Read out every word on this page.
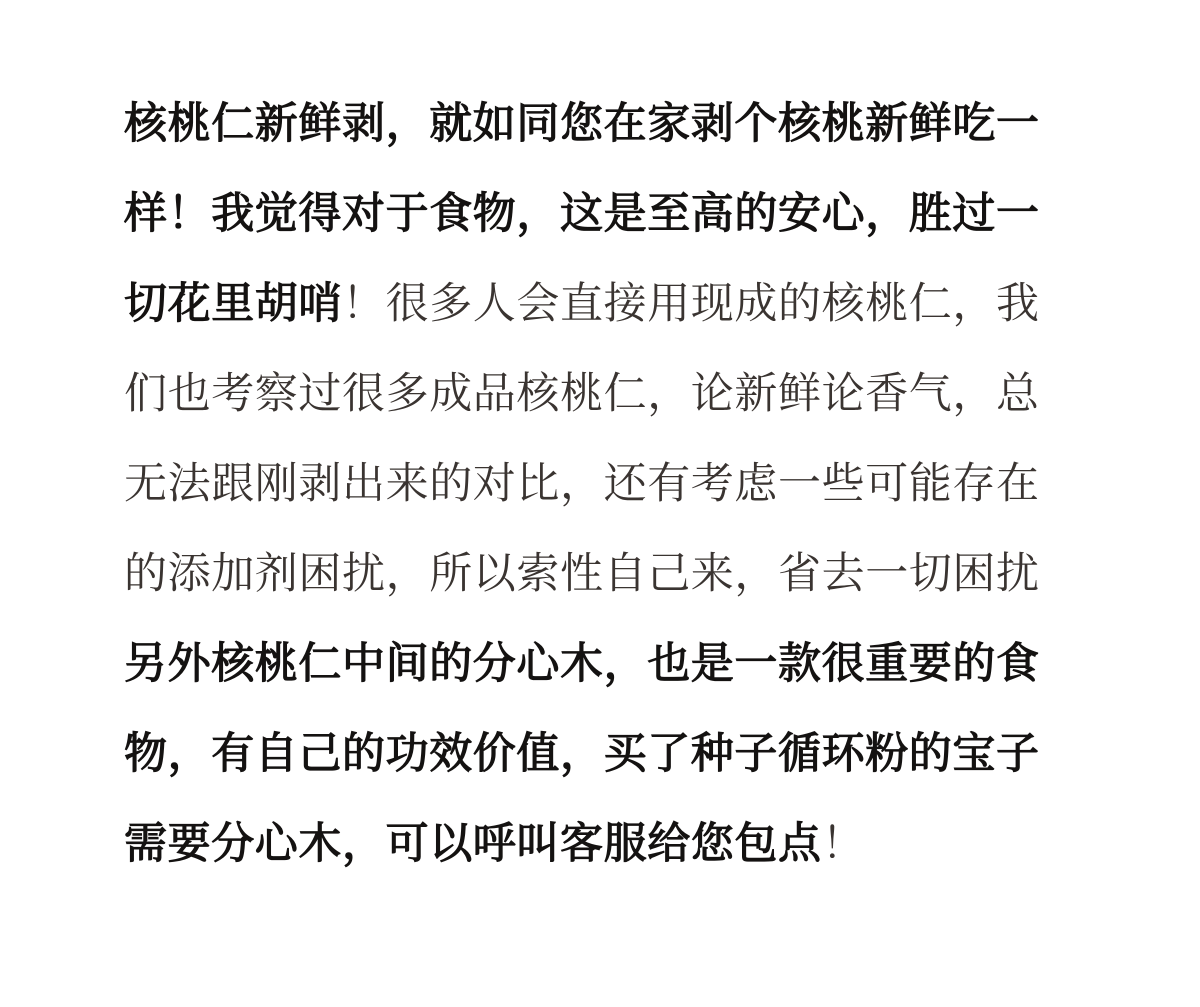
核桃仁新鲜剥，就如同您在家剥个核桃新鲜吃一
样！我觉得对于食物，这是至高的安心，胜过一
切花里胡哨！很多人会直接用现成的核桃仁，我
们也考察过很多成品核桃仁，论新鲜论香气，总
无法跟刚剥出来的对比，还有考虑一些可能存在
的添加剂困扰，所以索性自己来，省去一切困扰
另外核桃仁中间的分心木，也是一款很重要的食
物，有自己的功效价值，买了种子循环粉的宝子
需要分心木，可以呼叫客服给您包点！
